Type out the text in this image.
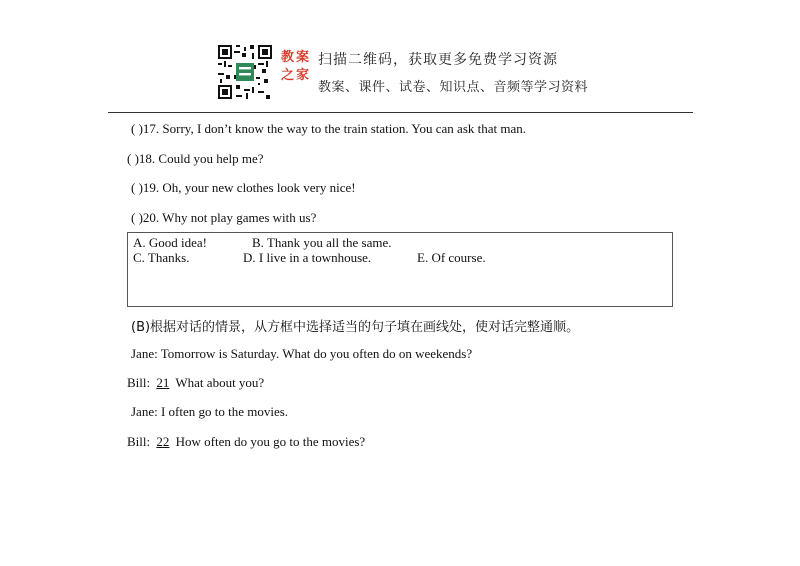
教案
之家
扫描二维码，获取更多免费学习资源
教案、课件、试卷、知识点、音频等学习资料
( )17. Sorry, I don’t know the way to the train station. You can ask that man.
( )18. Could you help me?
( )19. Oh, your new clothes look very nice!
( )20. Why not play games with us?
A. Good idea!	B. Thank you all the same.
C. Thanks.	D. I live in a townhouse.	E. Of course.
(B)根据对话的情景，从方框中选择适当的句子填在画线处，使对话完整通顺。
Jane: Tomorrow is Saturday. What do you often do on weekends?
Bill: 21 What about you?
Jane: I often go to the movies.
Bill: 22 How often do you go to the movies?
